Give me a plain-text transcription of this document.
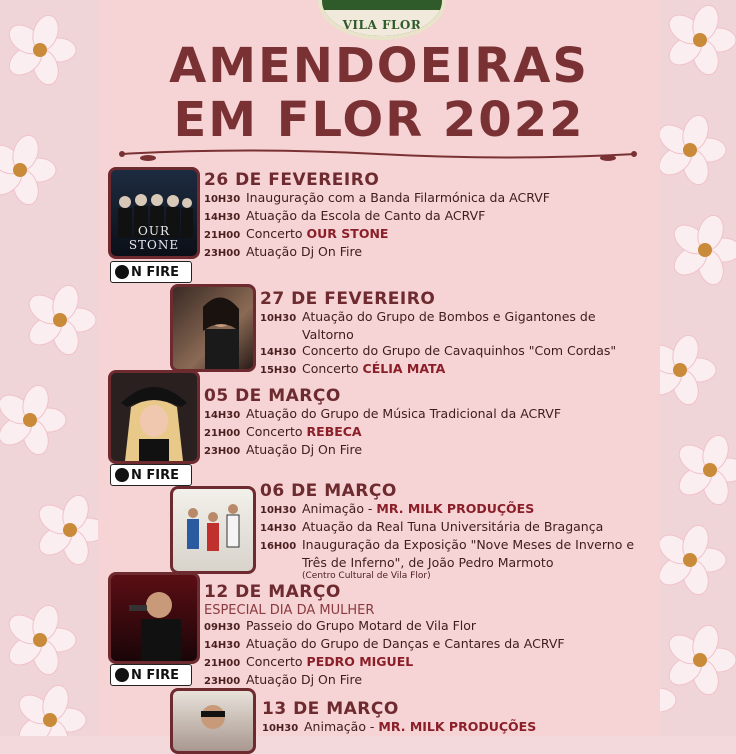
VILA FLOR
AMENDOEIRAS
EM FLOR 2022
OUR STONE
N FIRE
N FIRE
N FIRE
26 DE FEVEREIRO
10H30 Inauguração com a Banda Filarmónica da ACRVF
14H30 Atuação da Escola de Canto da ACRVF
21H00 Concerto OUR STONE
23H00 Atuação Dj On Fire
27 DE FEVEREIRO
10H30 Atuação do Grupo de Bombos e Gigantones de
Valtorno
14H30 Concerto do Grupo de Cavaquinhos "Com Cordas"
15H30 Concerto CÉLIA MATA
05 DE MARÇO
14H30 Atuação do Grupo de Música Tradicional da ACRVF
21H00 Concerto REBECA
23H00 Atuação Dj On Fire
06 DE MARÇO
10H30 Animação - MR. MILK PRODUÇÕES
14H30 Atuação da Real Tuna Universitária de Bragança
16H00 Inauguração da Exposição "Nove Meses de Inverno e
Três de Inferno", de João Pedro Marmoto
(Centro Cultural de Vila Flor)
12 DE MARÇO
ESPECIAL DIA DA MULHER
09H30 Passeio do Grupo Motard de Vila Flor
14H30 Atuação do Grupo de Danças e Cantares da ACRVF
21H00 Concerto PEDRO MIGUEL
23H00 Atuação Dj On Fire
13 DE MARÇO
10H30 Animação - MR. MILK PRODUÇÕES
